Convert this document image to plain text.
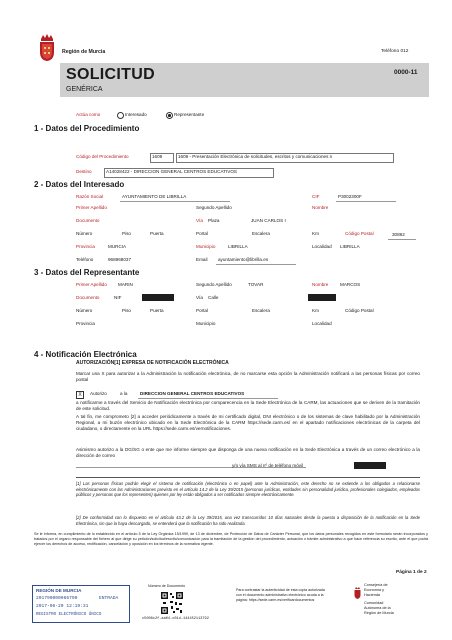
Región de Murcia	Teléfono 012
SOLICITUD
GENÉRICA
0000-11
Actúa como	Interesado	Representante
1 - Datos del Procedimiento
Código del Procedimiento	1609	1609 - Presentación Electrónica de solicitudes, escritos y comunicaciones n
Destino	A14028422 - DIRECCION GENERAL CENTROS EDUCATIVOS
2 - Datos del Interesado
Razón Social	AYUNTAMIENTO DE LIBRILLA	CIF	P3002300F
Primer Apellido	Segundo Apellido	Nombre
Documento	Vía Plaza	JUAN CARLOS I
Número	Piso	Puerta	Portal	Escalera	Km	Código Postal	30892
Provincia	MURCIA	Municipio	LIBRILLA	Localidad LIBRILLA
Teléfono	968968037	Email ayuntamiento@librilla.es
3 - Datos del Representante
Primer Apellido MARIN	Segundo Apellido	TOVAR	Nombre	MARCOS
Documento	NIF	Vía Calle
Número	Piso	Puerta	Portal	Escalera	Km	Código Postal
Provincia	Municipio	Localidad
4 - Notificación Electrónica
AUTORIZACIÓN[1] EXPRESA DE NOTIFICACIÓN ELECTRÓNICA
Marcar una X para autorizar a la Administración la notificación electrónica, de no marcarse esta opción la Administración notificará a las personas físicas por correo postal
X	Autorizo	a la	DIRECCION GENERAL CENTROS EDUCATIVOS
a notificarme a través del Servicio de Notificación electrónica por comparecencia en la Sede Electrónica de la CARM, las actuaciones que se deriven de la tramitación de este solicitud.
A tal fin, me comprometo [2] a acceder periódicamente a través de mi certificado digital, DNI electrónico o de los sistemas de clave habilitado por la Administración Regional, a mi buzón electrónico ubicado en la Sede Electrónica de la CARM https://sede.carm.es/ en el apartado notificaciones electrónicas de la carpeta del ciudadano, o directamente en la URL https://sede.carm.es/vernotificaciones.
Asimismo autorizo a la DG/SG o ente que me informe siempre que disponga de una nueva notificación en la Sede Electrónica a través de un correo electrónico a la dirección de correo
y/o vía SMS al nº de teléfono móvil
[1] Las personas físicas podrán elegir el sistema de notificación (electrónico o en papel) ante la Administración, este derecho no se extiende a los obligados a relacionarse electrónicamente con las Administraciones previsto en el artículo 14.2 de la Ley 39/2015 (personas jurídicas, entidades sin personalidad jurídica, profesionales colegiados, empleados públicos y personas que los representen) quienes por ley están obligados a ser notificados siempre electrónicamente.
[2] De conformidad con lo dispuesto en el artículo 43.2 de la Ley 39/2015, una vez transcurridos 10 días naturales desde la puesta a disposición de la notificación en la Sede Electrónica, sin que la haya descargado, se entenderá que la notificación ha sido realizada.
Se le informa, en cumplimiento de lo establecido en el artículo 5 de la Ley Orgánica 15/1999, de 13 de diciembre, de Protección de Datos de Carácter Personal, que los datos personales recogidos en este formulario serán incorporados y tratados por el órgano responsable del fichero al que dirige su petición/solicitud/escrito/comunicación para la tramitación de la gestión del procedimiento, actuación o trámite administrativo a que hace referencia su escrito, ante el que podrá ejercer los derechos de acceso, rectificación, cancelación y oposición en los términos de la normativa vigente.
Página 1 de 2
REGIÓN DE MURCIA
201790000066790	ENTRADA
2017-06-20 12:19:31
REGISTRO ELECTRÓNICO ÚNICO
Número de Documento
c5008c2f-aa04-c01d-144452113792
Para contrastar la autenticidad de esta copia autorizada con el documento administrativo electrónico acuda a la página: https://sede.carm.es/verificardocumentos
Consejería de
Economía y
Hacienda
Comunidad
Autónoma de la
Región de Murcia
